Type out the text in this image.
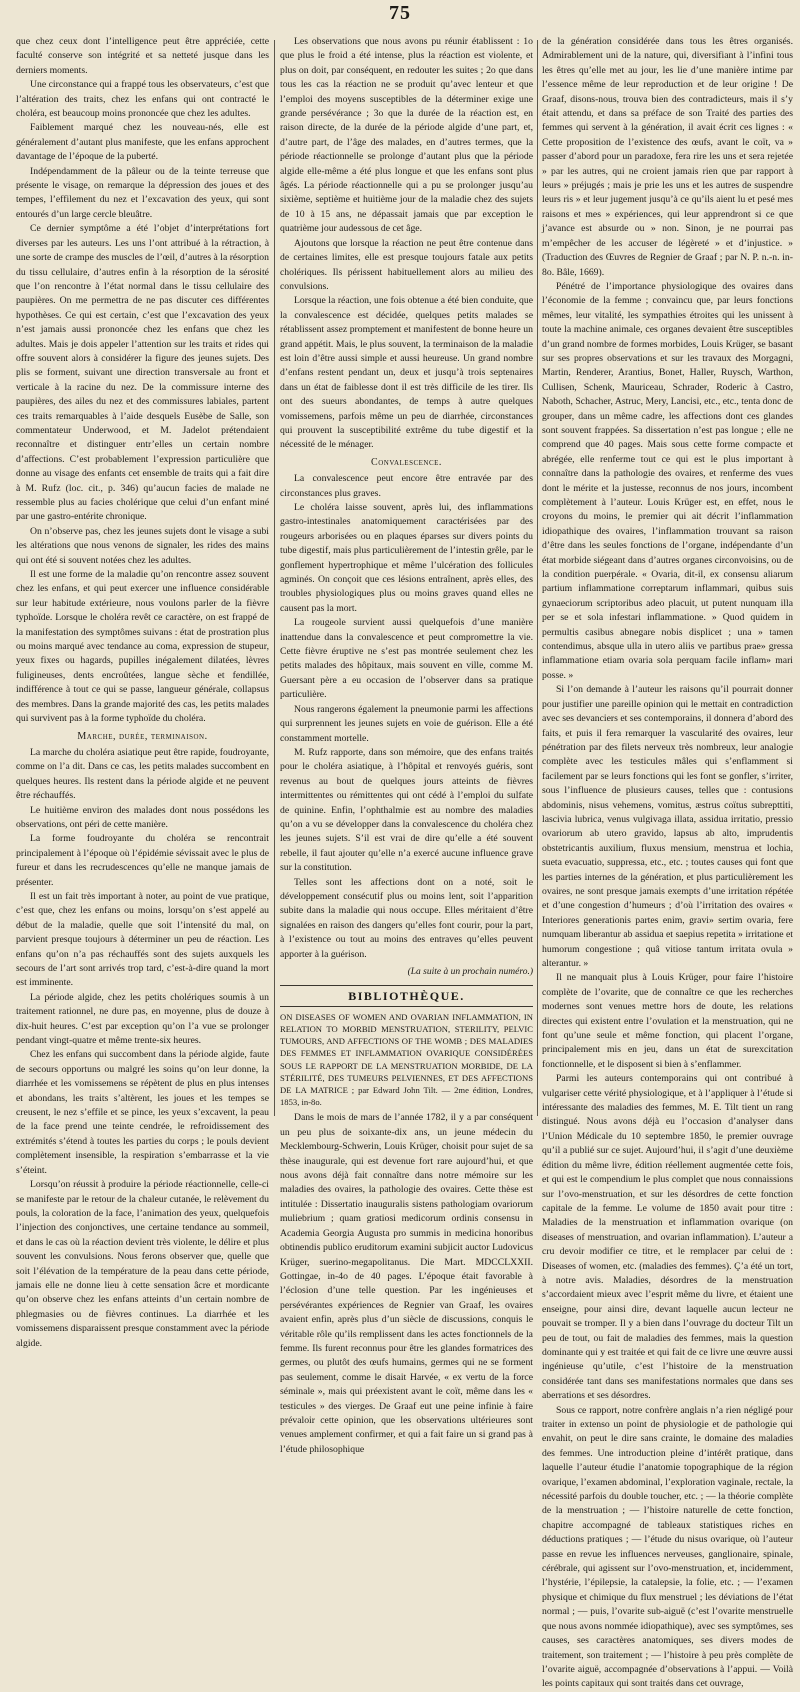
75

que chez ceux dont l’intelligence peut être appréciée, cette faculté conserve son intégrité et sa netteté jusque dans les derniers moments.

Une circonstance qui a frappé tous les observateurs, c’est que l’altération des traits, chez les enfans qui ont contracté le choléra, est beaucoup moins prononcée que chez les adultes.

Faiblement marqué chez les nouveau-nés, elle est généralement d’autant plus manifeste, que les enfans approchent davantage de l’époque de la puberté.

Indépendamment de la pâleur ou de la teinte terreuse que présente le visage, on remarque la dépression des joues et des tempes, l’effilement du nez et l’excavation des yeux, qui sont entourés d’un large cercle bleuâtre.

Ce dernier symptôme a été l’objet d’interprétations fort diverses par les auteurs. Les uns l’ont attribué à la rétraction, à une sorte de crampe des muscles de l’œil, d’autres à la résorption du tissu cellulaire, d’autres enfin à la résorption de la sérosité que l’on rencontre à l’état normal dans le tissu cellulaire des paupières. On me permettra de ne pas discuter ces différentes hypothèses. Ce qui est certain, c’est que l’excavation des yeux n’est jamais aussi prononcée chez les enfans que chez les adultes. Mais je dois appeler l’attention sur les traits et rides qui offre souvent alors à considérer la figure des jeunes sujets. Des plis se forment, suivant une direction transversale au front et verticale à la racine du nez. De la commissure interne des paupières, des ailes du nez et des commissures labiales, partent ces traits remarquables à l’aide desquels Eusèbe de Salle, son commentateur Underwood, et M. Jadelot prétendaient reconnaître et distinguer entr’elles un certain nombre d’affections. C’est probablement l’expression particulière que donne au visage des enfants cet ensemble de traits qui a fait dire à M. Rufz (loc. cit., p. 346) qu’aucun facies de malade ne ressemble plus au facies cholérique que celui d’un enfant miné par une gastro-entérite chronique.

On n’observe pas, chez les jeunes sujets dont le visage a subi les altérations que nous venons de signaler, les rides des mains qui ont été si souvent notées chez les adultes.

Il est une forme de la maladie qu’on rencontre assez souvent chez les enfans, et qui peut exercer une influence considérable sur leur habitude extérieure, nous voulons parler de la fièvre typhoïde. Lorsque le choléra revêt ce caractère, on est frappé de la manifestation des symptômes suivans : état de prostration plus ou moins marqué avec tendance au coma, expression de stupeur, yeux fixes ou hagards, pupilles inégalement dilatées, lèvres fuligineuses, dents encroûtées, langue sèche et fendillée, indifférence à tout ce qui se passe, langueur générale, collapsus des membres. Dans la grande majorité des cas, les petits malades qui survivent pas à la forme typhoïde du choléra.

Marche, durée, terminaison.

La marche du choléra asiatique peut être rapide, foudroyante, comme on l’a dit. Dans ce cas, les petits malades succombent en quelques heures. Ils restent dans la période algide et ne peuvent être réchauffés.

Le huitième environ des malades dont nous possédons les observations, ont péri de cette manière.

La forme foudroyante du choléra se rencontrait principalement à l’époque où l’épidémie sévissait avec le plus de fureur et dans les recrudescences qu’elle ne manque jamais de présenter.

Il est un fait très important à noter, au point de vue pratique, c’est que, chez les enfans ou moins, lorsqu’on s’est appelé au début de la maladie, quelle que soit l’intensité du mal, on parvient presque toujours à déterminer un peu de réaction. Les enfans qu’on n’a pas réchauffés sont des sujets auxquels les secours de l’art sont arrivés trop tard, c’est-à-dire quand la mort est imminente.

La période algide, chez les petits cholériques soumis à un traitement rationnel, ne dure pas, en moyenne, plus de douze à dix-huit heures. C’est par exception qu’on l’a vue se prolonger pendant vingt-quatre et même trente-six heures.

Chez les enfans qui succombent dans la période algide, faute de secours opportuns ou malgré les soins qu’on leur donne, la diarrhée et les vomissemens se répètent de plus en plus intenses et abondans, les traits s’altèrent, les joues et les tempes se creusent, le nez s’effile et se pince, les yeux s’excavent, la peau de la face prend une teinte cendrée, le refroidissement des extrémités s’étend à toutes les parties du corps ; le pouls devient complètement insensible, la respiration s’embarrasse et la vie s’éteint.

Lorsqu’on réussit à produire la période réactionnelle, celle-ci se manifeste par le retour de la chaleur cutanée, le relèvement du pouls, la coloration de la face, l’animation des yeux, quelquefois l’injection des conjonctives, une certaine tendance au sommeil, et dans le cas où la réaction devient très violente, le délire et plus souvent les convulsions. Nous ferons observer que, quelle que soit l’élévation de la température de la peau dans cette période, jamais elle ne donne lieu à cette sensation âcre et mordicante qu’on observe chez les enfans atteints d’un certain nombre de phlegmasies ou de fièvres continues. La diarrhée et les vomissemens disparaissent presque constamment avec la période algide.

Les observations que nous avons pu réunir établissent : 1o que plus le froid a été intense, plus la réaction est violente, et plus on doit, par conséquent, en redouter les suites ; 2o que dans tous les cas la réaction ne se produit qu’avec lenteur et que l’emploi des moyens susceptibles de la déterminer exige une grande persévérance ; 3o que la durée de la réaction est, en raison directe, de la durée de la période algide d’une part, et, d’autre part, de l’âge des malades, en d’autres termes, que la période réactionnelle se prolonge d’autant plus que la période algide elle-même a été plus longue et que les enfans sont plus âgés. La période réactionnelle qui a pu se prolonger jusqu’au sixième, septième et huitième jour de la maladie chez des sujets de 10 à 15 ans, ne dépassait jamais que par exception le quatrième jour audessous de cet âge.

Ajoutons que lorsque la réaction ne peut être contenue dans de certaines limites, elle est presque toujours fatale aux petits cholériques. Ils périssent habituellement alors au milieu des convulsions.

Lorsque la réaction, une fois obtenue a été bien conduite, que la convalescence est décidée, quelques petits malades se rétablissent assez promptement et manifestent de bonne heure un grand appétit. Mais, le plus souvent, la terminaison de la maladie est loin d’être aussi simple et aussi heureuse. Un grand nombre d’enfans restent pendant un, deux et jusqu’à trois septenaires dans un état de faiblesse dont il est très difficile de les tirer. Ils ont des sueurs abondantes, de temps à autre quelques vomissemens, parfois même un peu de diarrhée, circonstances qui prouvent la susceptibilité extrême du tube digestif et la nécessité de le ménager.

Convalescence.

La convalescence peut encore être entravée par des circonstances plus graves.

Le choléra laisse souvent, après lui, des inflammations gastro-intestinales anatomiquement caractérisées par des rougeurs arborisées ou en plaques éparses sur divers points du tube digestif, mais plus particulièrement de l’intestin grêle, par le gonflement hypertrophique et même l’ulcération des follicules agminés. On conçoit que ces lésions entraînent, après elles, des troubles physiologiques plus ou moins graves quand elles ne causent pas la mort.

La rougeole survient aussi quelquefois d’une manière inattendue dans la convalescence et peut compromettre la vie. Cette fièvre éruptive ne s’est pas montrée seulement chez les petits malades des hôpitaux, mais souvent en ville, comme M. Guersant père a eu occasion de l’observer dans sa pratique particulière.

Nous rangerons également la pneumonie parmi les affections qui surprennent les jeunes sujets en voie de guérison. Elle a été constamment mortelle.

M. Rufz rapporte, dans son mémoire, que des enfans traités pour le choléra asiatique, à l’hôpital et renvoyés guéris, sont revenus au bout de quelques jours atteints de fièvres intermittentes ou rémittentes qui ont cédé à l’emploi du sulfate de quinine. Enfin, l’ophthalmie est au nombre des maladies qu’on a vu se développer dans la convalescence du choléra chez les jeunes sujets. S’il est vrai de dire qu’elle a été souvent rebelle, il faut ajouter qu’elle n’a exercé aucune influence grave sur la constitution.

Telles sont les affections dont on a noté, soit le développement consécutif plus ou moins lent, soit l’apparition subite dans la maladie qui nous occupe. Elles méritaient d’être signalées en raison des dangers qu’elles font courir, pour la part, à l’existence ou tout au moins des entraves qu’elles peuvent apporter à la guérison.

(La suite à un prochain numéro.)

BIBLIOTHÈQUE.

ON DISEASES OF WOMEN AND OVARIAN INFLAMMATION, IN RELATION TO MORBID MENSTRUATION, STERILITY, PELVIC TUMOURS, AND AFFECTIONS OF THE WOMB ; DES MALADIES DES FEMMES ET INFLAMMATION OVARIQUE CONSIDÉRÉES SOUS LE RAPPORT DE LA MENSTRUATION MORBIDE, DE LA STÉRILITÉ, DES TUMEURS PELVIENNES, ET DES AFFECTIONS DE LA MATRICE ; par Edward John Tilt. — 2me édition, Londres, 1853, in-8o.

Dans le mois de mars de l’année 1782, il y a par conséquent un peu plus de soixante-dix ans, un jeune médecin du Mecklembourg-Schwerin, Louis Krüger, choisit pour sujet de sa thèse inaugurale, qui est devenue fort rare aujourd’hui, et que nous avons déjà fait connaître dans notre mémoire sur les maladies des ovaires, la pathologie des ovaires. Cette thèse est intitulée : Dissertatio inauguralis sistens pathologiam ovariorum muliebrium ; quam gratiosi medicorum ordinis consensu in Academia Georgia Augusta pro summis in medicina honoribus obtinendis publico eruditorum examini subjicit auctor Ludovicus Krüger, suerino-megapolitanus. Die Mart. MDCCLXXII. Gottingae, in-4o de 40 pages. L’époque était favorable à l’éclosion d’une telle question. Par les ingénieuses et persévérantes expériences de Regnier van Graaf, les ovaires avaient enfin, après plus d’un siècle de discussions, conquis le véritable rôle qu’ils remplissent dans les actes fonctionnels de la femme. Ils furent reconnus pour être les glandes formatrices des germes, ou plutôt des œufs humains, germes qui ne se forment pas seulement, comme le disait Harvée, « ex vertu de la force séminale », mais qui préexistent avant le coït, même dans les « testicules » des vierges. De Graaf eut une peine infinie à faire prévaloir cette opinion, que les observations ultérieures sont venues amplement confirmer, et qui a fait faire un si grand pas à l’étude philosophique

de la génération considérée dans tous les êtres organisés. Admirablement uni de la nature, qui, diversifiant à l’infini tous les êtres qu’elle met au jour, les lie d’une manière intime par l’essence même de leur reproduction et de leur origine ! De Graaf, disons-nous, trouva bien des contradicteurs, mais il s’y était attendu, et dans sa préface de son Traité des parties des femmes qui servent à la génération, il avait écrit ces lignes : « Cette proposition de l’existence des œufs, avant le coït, va » passer d’abord pour un paradoxe, fera rire les uns et sera rejetée » par les autres, qui ne croient jamais rien que par rapport à leurs » préjugés ; mais je prie les uns et les autres de suspendre leurs ris » et leur jugement jusqu’à ce qu’ils aient lu et pesé mes raisons et mes » expériences, qui leur apprendront si ce que j’avance est absurde ou » non. Sinon, je ne pourrai pas m’empêcher de les accuser de légèreté » et d’injustice. » (Traduction des Œuvres de Regnier de Graaf ; par N. P. n.-n. in-8o. Bâle, 1669).

Pénétré de l’importance physiologique des ovaires dans l’économie de la femme ; convaincu que, par leurs fonctions mêmes, leur vitalité, les sympathies étroites qui les unissent à toute la machine animale, ces organes devaient être susceptibles d’un grand nombre de formes morbides, Louis Krüger, se basant sur ses propres observations et sur les travaux des Morgagni, Martin, Renderer, Arantius, Bonet, Haller, Ruysch, Warthon, Cullisen, Schenk, Mauriceau, Schrader, Roderic à Castro, Naboth, Schacher, Astruc, Mery, Lancisi, etc., etc., tenta donc de grouper, dans un même cadre, les affections dont ces glandes sont souvent frappées. Sa dissertation n’est pas longue ; elle ne comprend que 40 pages. Mais sous cette forme compacte et abrégée, elle renferme tout ce qui est le plus important à connaître dans la pathologie des ovaires, et renferme des vues dont le mérite et la justesse, reconnus de nos jours, incombent complètement à l’auteur. Louis Krüger est, en effet, nous le croyons du moins, le premier qui ait décrit l’inflammation idiopathique des ovaires, l’inflammation trouvant sa raison d’être dans les seules fonctions de l’organe, indépendante d’un état morbide siégeant dans d’autres organes circonvoisins, ou de la condition puerpérale. « Ovaria, dit-il, ex consensu aliarum partium inflammatione correptarum inflammari, quibus suis gynaeciorum scriptoribus adeo placuit, ut putent nunquam illa per se et sola infestari inflammatione. » Quod quidem in permultis casibus abnegare nobis displicet ; una » tamen contendimus, absque ulla in utero aliis ve partibus prae» gressa inflammatione etiam ovaria sola perquam facile inflam» mari posse. »

Si l’on demande à l’auteur les raisons qu’il pourrait donner pour justifier une pareille opinion qui le mettait en contradiction avec ses devanciers et ses contemporains, il donnera d’abord des faits, et puis il fera remarquer la vascularité des ovaires, leur pénétration par des filets nerveux très nombreux, leur analogie complète avec les testicules mâles qui s’enflamment si facilement par se leurs fonctions qui les font se gonfler, s’irriter, sous l’influence de plusieurs causes, telles que : contusions abdominis, nisus vehemens, vomitus, æstrus coïtus subrepttiti, lascivia lubrica, venus vulgivaga illata, assidua irritatio, pressio ovariorum ab utero gravido, lapsus ab alto, imprudentis obstetricantis auxilium, fluxus mensium, menstrua et lochia, sueta evacuatio, suppressa, etc., etc. ; toutes causes qui font que les parties internes de la génération, et plus particulièrement les ovaires, ne sont presque jamais exempts d’une irritation répétée et d’une congestion d’humeurs ; d’où l’irritation des ovaires « Interiores generationis partes enim, gravi» sertim ovaria, fere numquam liberantur ab assidua et saepius repetita » irritatione et humorum congestione ; quâ vitiose tantum irritata ovula » alterantur. »

Il ne manquait plus à Louis Krüger, pour faire l’histoire complète de l’ovarite, que de connaître ce que les recherches modernes sont venues mettre hors de doute, les relations directes qui existent entre l’ovulation et la menstruation, qui ne font qu’une seule et même fonction, qui placent l’organe, principalement mis en jeu, dans un état de surexcitation fonctionnelle, et le disposent si bien à s’enflammer.

Parmi les auteurs contemporains qui ont contribué à vulgariser cette vérité physiologique, et à l’appliquer à l’étude si intéressante des maladies des femmes, M. E. Tilt tient un rang distingué. Nous avons déjà eu l’occasion d’analyser dans l’Union Médicale du 10 septembre 1850, le premier ouvrage qu’il a publié sur ce sujet. Aujourd’hui, il s’agit d’une deuxième édition du même livre, édition réellement augmentée cette fois, et qui est le compendium le plus complet que nous connaissions sur l’ovo-menstruation, et sur les désordres de cette fonction capitale de la femme. Le volume de 1850 avait pour titre : Maladies de la menstruation et inflammation ovarique (on diseases of menstruation, and ovarian inflammation). L’auteur a cru devoir modifier ce titre, et le remplacer par celui de : Diseases of women, etc. (maladies des femmes). Ç’a été un tort, à notre avis. Maladies, désordres de la menstruation s’accordaient mieux avec l’esprit même du livre, et étaient une enseigne, pour ainsi dire, devant laquelle aucun lecteur ne pouvait se tromper. Il y a bien dans l’ouvrage du docteur Tilt un peu de tout, ou fait de maladies des femmes, mais la question dominante qui y est traitée et qui fait de ce livre une œuvre aussi ingénieuse qu’utile, c’est l’histoire de la menstruation considérée tant dans ses manifestations normales que dans ses aberrations et ses désordres.

Sous ce rapport, notre confrère anglais n’a rien négligé pour traiter in extenso un point de physiologie et de pathologie qui envahit, on peut le dire sans crainte, le domaine des maladies des femmes. Une introduction pleine d’intérêt pratique, dans laquelle l’auteur étudie l’anatomie topographique de la région ovarique, l’examen abdominal, l’exploration vaginale, rectale, la nécessité parfois du double toucher, etc. ; — la théorie complète de la menstruation ; — l’histoire naturelle de cette fonction, chapitre accompagné de tableaux statistiques riches en déductions pratiques ; — l’étude du nisus ovarique, où l’auteur passe en revue les influences nerveuses, ganglionaire, spinale, cérébrale, qui agissent sur l’ovo-menstruation, et, incidemment, l’hystérie, l’épilepsie, la catalepsie, la folie, etc. ; — l’examen physique et chimique du flux menstruel ; les déviations de l’état normal ; — puis, l’ovarite sub-aiguë (c’est l’ovarite menstruelle que nous avons nommée idiopathique), avec ses symptômes, ses causes, ses caractères anatomiques, ses divers modes de traitement, son traitement ; — l’histoire à peu près complète de l’ovarite aiguë, accompagnée d’observations à l’appui. — Voilà les points capitaux qui sont traités dans cet ouvrage,
